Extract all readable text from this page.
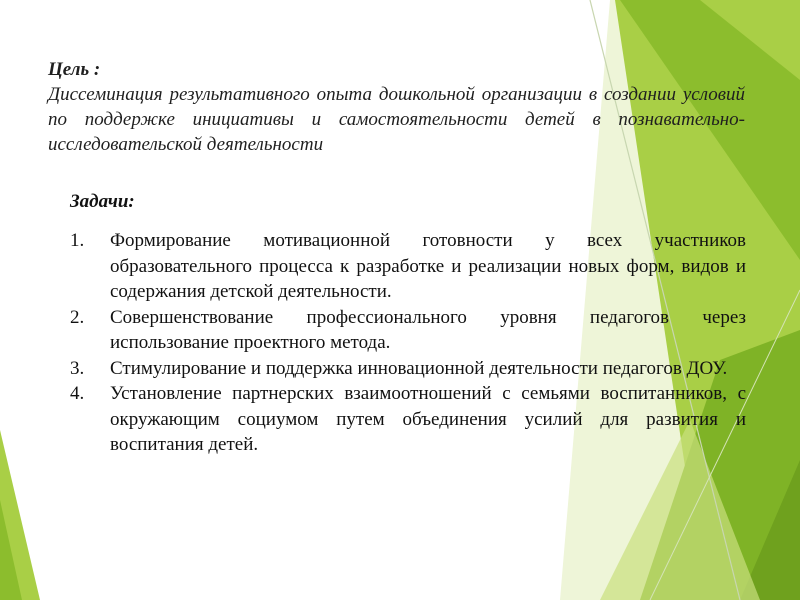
Цель :
Диссеминация результативного опыта дошкольной организации в создании условий по поддержке инициативы и самостоятельности детей в познавательно-исследовательской деятельности
Задачи:
1. Формирование мотивационной готовности у всех участников образовательного процесса к разработке и реализации новых форм, видов и содержания детской деятельности.
2. Совершенствование профессионального уровня педагогов через использование проектного метода.
3. Стимулирование и поддержка инновационной деятельности педагогов ДОУ.
4. Установление партнерских взаимоотношений с семьями воспитанников, с окружающим социумом путем объединения усилий для развития и воспитания детей.
